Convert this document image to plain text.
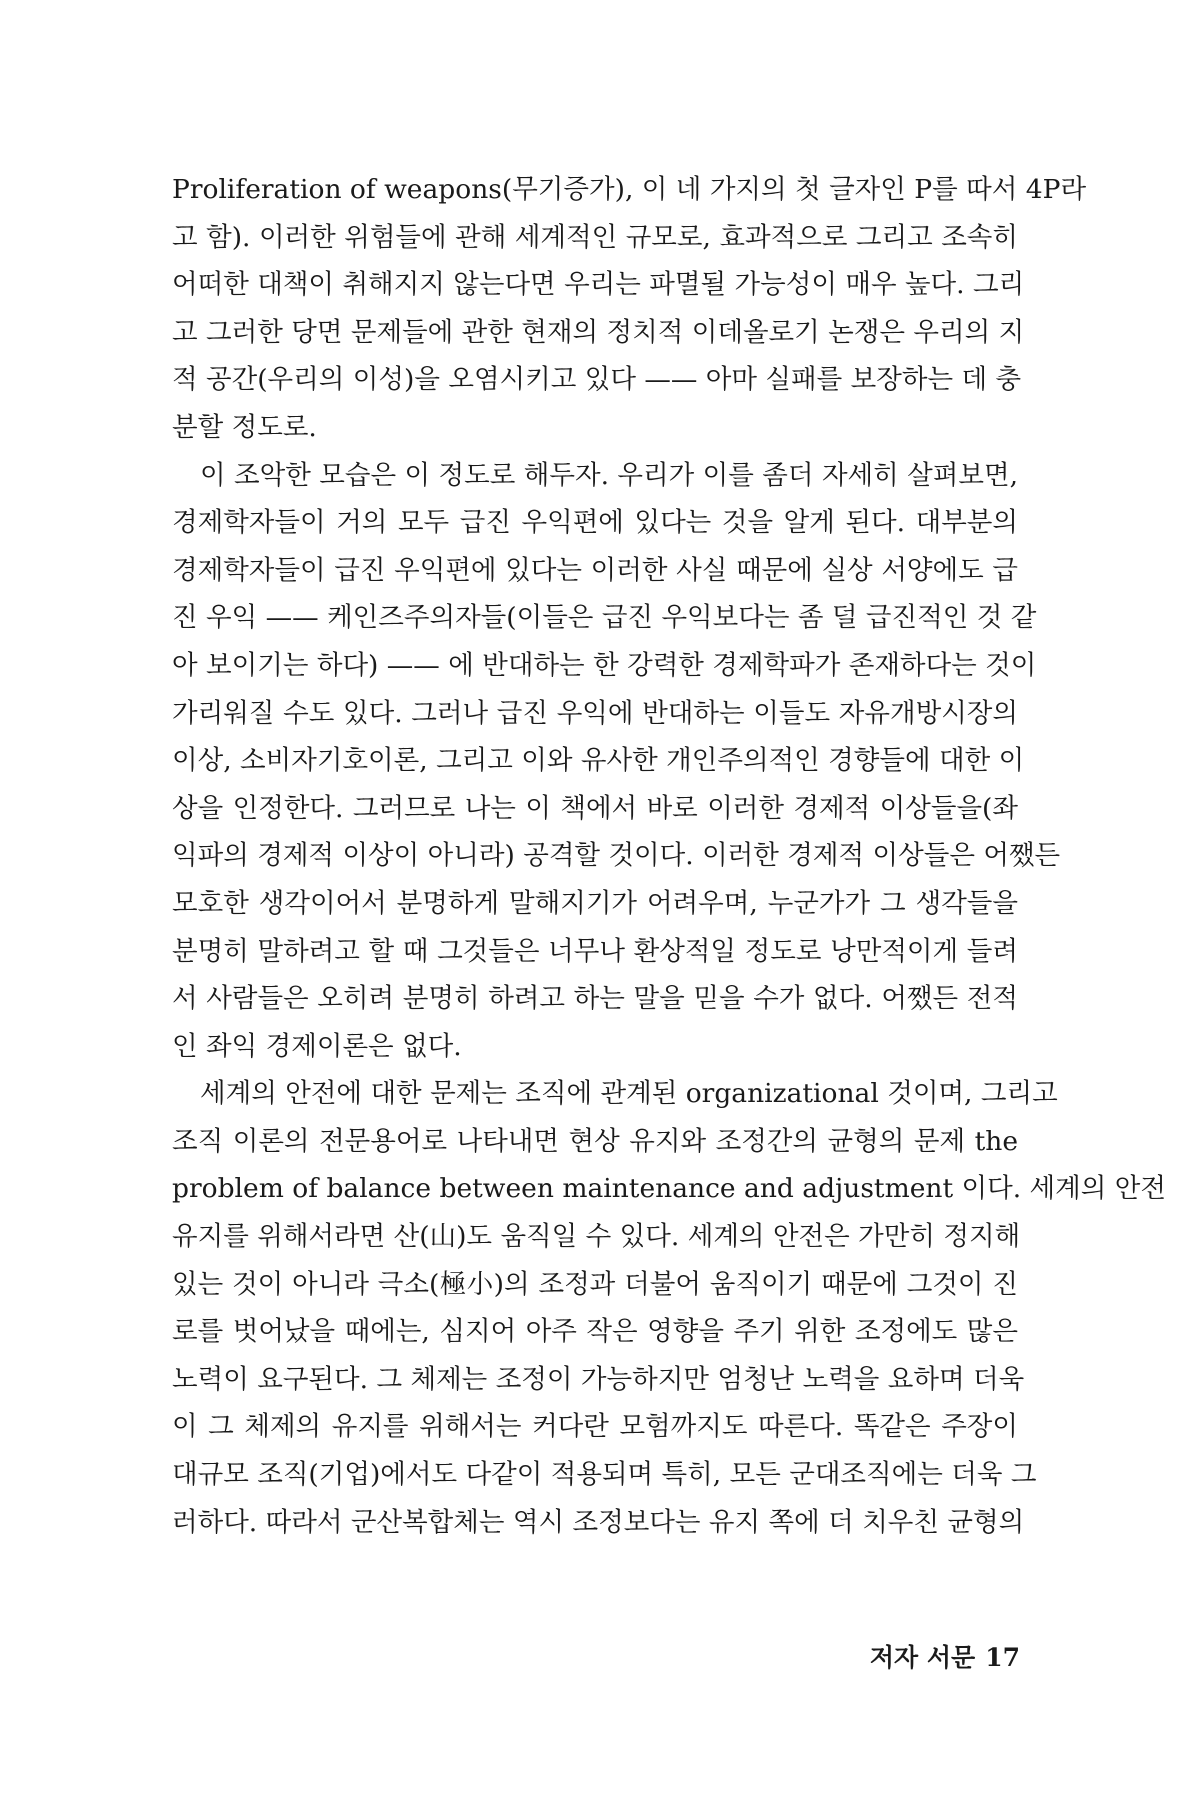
Proliferation of weapons(무기증가), 이 네 가지의 첫 글자인 P를 따서 4P라
고 함). 이러한 위험들에 관해 세계적인 규모로, 효과적으로 그리고 조속히
어떠한 대책이 취해지지 않는다면 우리는 파멸될 가능성이 매우 높다. 그리
고 그러한 당면 문제들에 관한 현재의 정치적 이데올로기 논쟁은 우리의 지
적 공간(우리의 이성)을 오염시키고 있다 —— 아마 실패를 보장하는 데 충
분할 정도로.
이 조악한 모습은 이 정도로 해두자. 우리가 이를 좀더 자세히 살펴보면,
경제학자들이 거의 모두 급진 우익편에 있다는 것을 알게 된다. 대부분의
경제학자들이 급진 우익편에 있다는 이러한 사실 때문에 실상 서양에도 급
진 우익 —— 케인즈주의자들(이들은 급진 우익보다는 좀 덜 급진적인 것 같
아 보이기는 하다) —— 에 반대하는 한 강력한 경제학파가 존재하다는 것이
가리워질 수도 있다. 그러나 급진 우익에 반대하는 이들도 자유개방시장의
이상, 소비자기호이론, 그리고 이와 유사한 개인주의적인 경향들에 대한 이
상을 인정한다. 그러므로 나는 이 책에서 바로 이러한 경제적 이상들을(좌
익파의 경제적 이상이 아니라) 공격할 것이다. 이러한 경제적 이상들은 어쨌든
모호한 생각이어서 분명하게 말해지기가 어려우며, 누군가가 그 생각들을
분명히 말하려고 할 때 그것들은 너무나 환상적일 정도로 낭만적이게 들려
서 사람들은 오히려 분명히 하려고 하는 말을 믿을 수가 없다. 어쨌든 전적
인 좌익 경제이론은 없다.
세계의 안전에 대한 문제는 조직에 관계된 organizational 것이며, 그리고
조직 이론의 전문용어로 나타내면 현상 유지와 조정간의 균형의 문제 the
problem of balance between maintenance and adjustment 이다. 세계의 안전
유지를 위해서라면 산(山)도 움직일 수 있다. 세계의 안전은 가만히 정지해
있는 것이 아니라 극소(極小)의 조정과 더불어 움직이기 때문에 그것이 진
로를 벗어났을 때에는, 심지어 아주 작은 영향을 주기 위한 조정에도 많은
노력이 요구된다. 그 체제는 조정이 가능하지만 엄청난 노력을 요하며 더욱
이 그 체제의 유지를 위해서는 커다란 모험까지도 따른다. 똑같은 주장이
대규모 조직(기업)에서도 다같이 적용되며 특히, 모든 군대조직에는 더욱 그
러하다. 따라서 군산복합체는 역시 조정보다는 유지 쪽에 더 치우친 균형의
저자 서문 17
